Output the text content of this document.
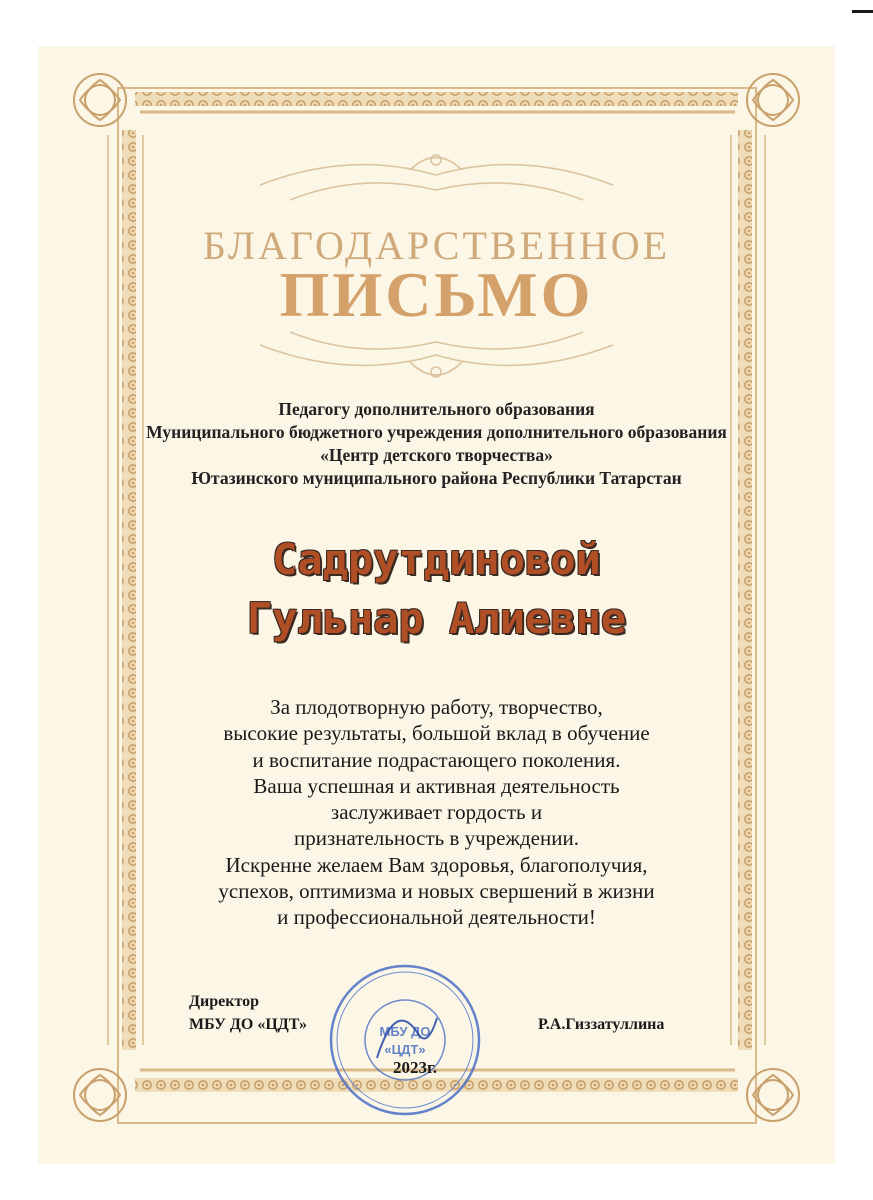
БЛАГОДАРСТВЕННОЕ
ПИСЬМО
Педагогу дополнительного образования
Муниципального бюджетного учреждения дополнительного образования
«Центр детского творчества»
Ютазинского муниципального района Республики Татарстан
Садрутдиновой
Гульнар Алиевне
За плодотворную работу, творчество,
высокие результаты, большой вклад в обучение
и воспитание подрастающего поколения.
Ваша успешная и активная деятельность
заслуживает гордость и
признательность в учреждении.
Искренне желаем Вам здоровья, благополучия,
успехов, оптимизма и новых свершений в жизни
и профессиональной деятельности!
МБУ ДО
«ЦДТ»
Директор
МБУ ДО «ЦДТ»	Р.А.Гиззатуллина
2023г.
